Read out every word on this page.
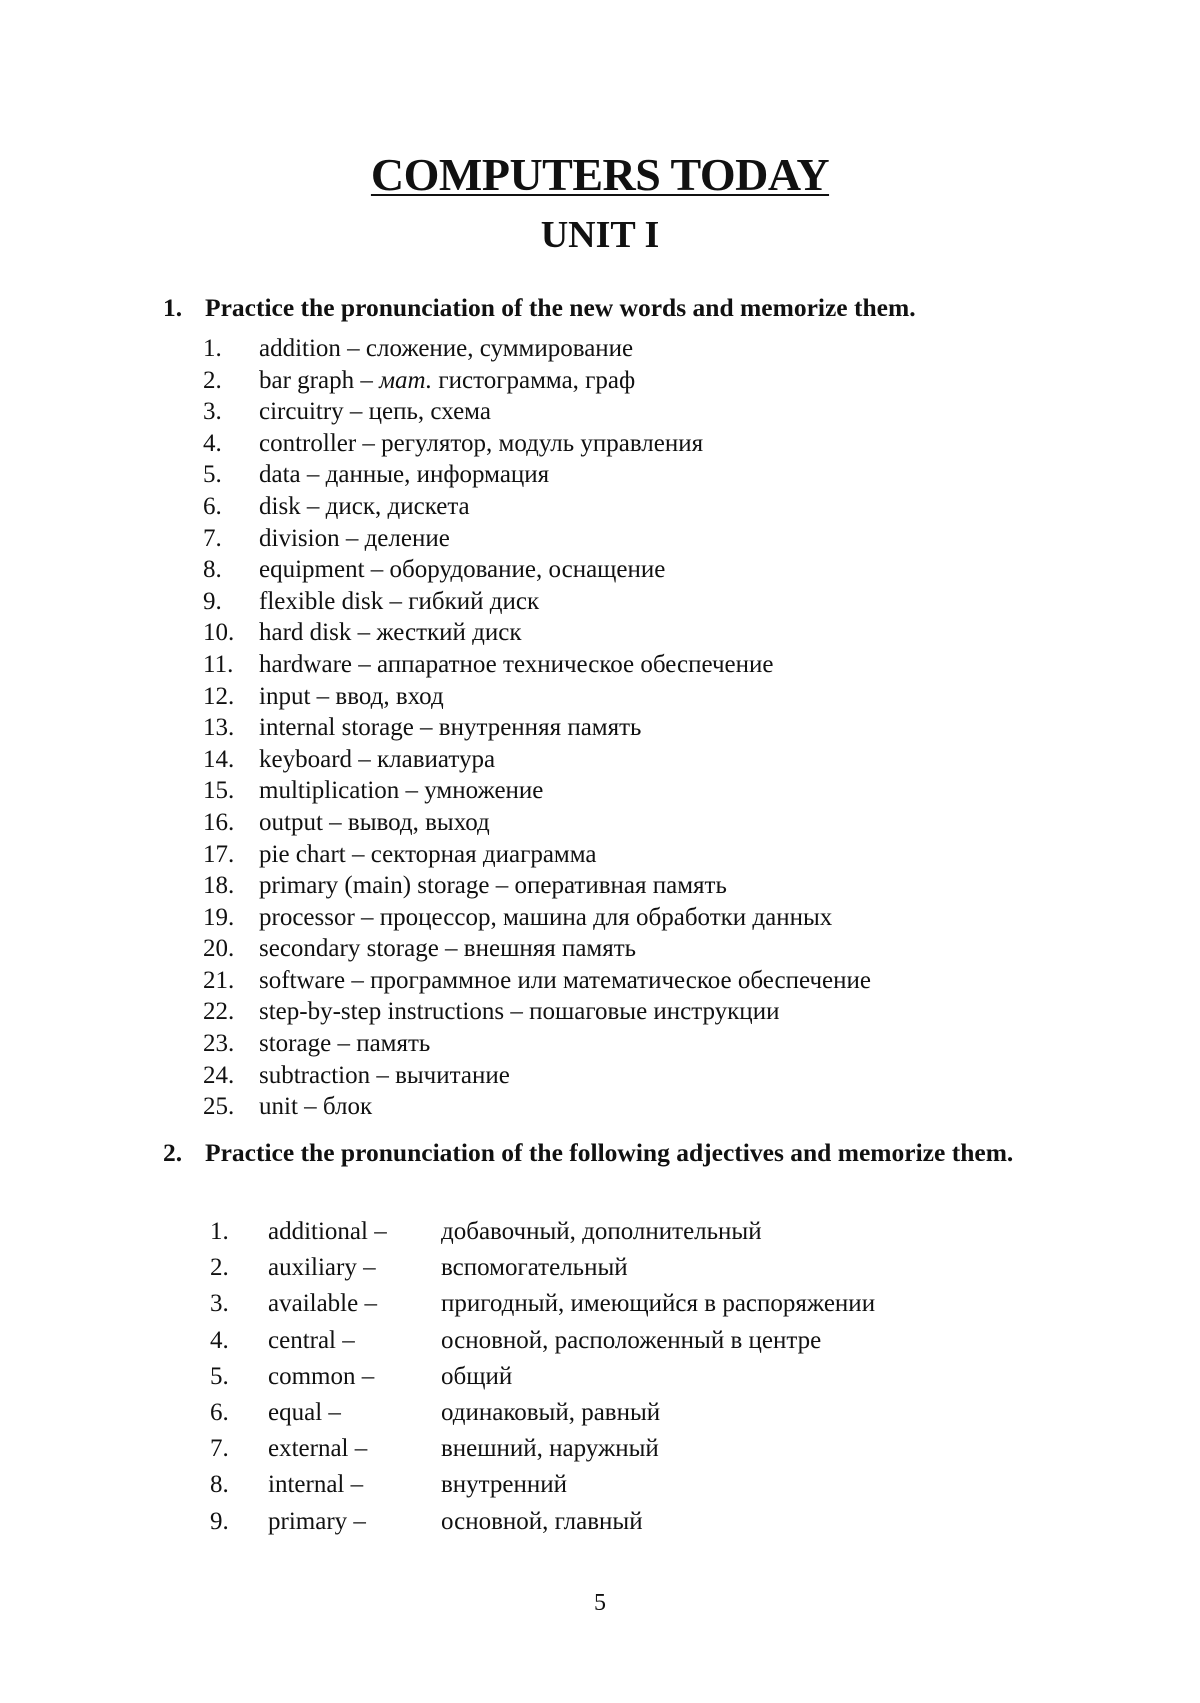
COMPUTERS TODAY
UNIT I
1. Practice the pronunciation of the new words and memorize them.
1. addition – сложение, суммирование
2. bar graph – мат. гистограмма, граф
3. circuitry – цепь, схема
4. controller – регулятор, модуль управления
5. data – данные, информация
6. disk – диск, дискета
7. division – деление
8. equipment – оборудование, оснащение
9. flexible disk – гибкий диск
10. hard disk – жесткий диск
11. hardware – аппаратное техническое обеспечение
12. input – ввод, вход
13. internal storage – внутренняя память
14. keyboard – клавиатура
15. multiplication – умножение
16. output – вывод, выход
17. pie chart – секторная диаграмма
18. primary (main) storage – оперативная память
19. processor – процессор, машина для обработки данных
20. secondary storage – внешняя память
21. software – программное или математическое обеспечение
22. step-by-step instructions – пошаговые инструкции
23. storage – память
24. subtraction – вычитание
25. unit – блок
2. Practice the pronunciation of the following adjectives and memorize them.
1. additional – добавочный, дополнительный
2. auxiliary –	вспомогательный
3. available –	пригодный, имеющийся в распоряжении
4. central –	основной, расположенный в центре
5. common –	общий
6. equal –	одинаковый, равный
7. external –	внешний, наружный
8. internal –	внутренний
9. primary –	основной, главный
5
